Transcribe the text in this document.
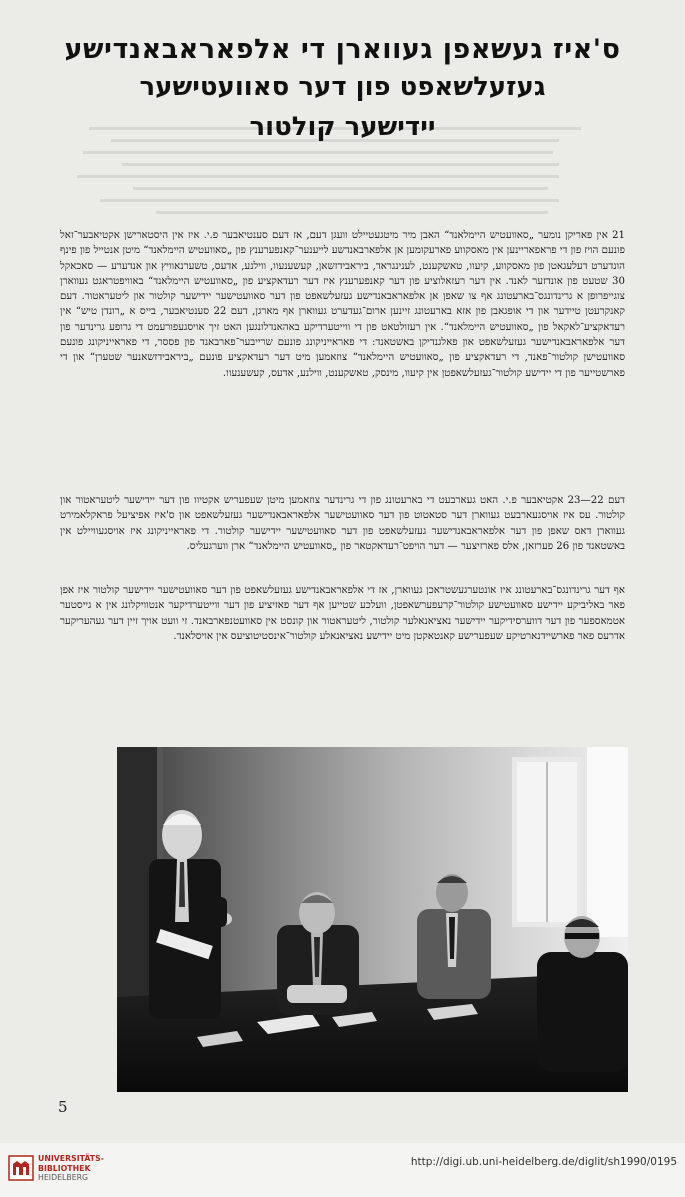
ס'איז געשאפן געווארן די אלפאראבאנדישע
געזעלשאפט פון דער סאוועטישער
יידישער קולטור

21 אין פאריקן נומער „סאוועטיש היימלאנד“ האבן מיר מיטגעטיילט וועגן דעם, אז דעם סענטיאבער פ.י. איז אין היסטארישן אקטיאבער־זאל פונעם הויז פון די פראפאריינען אין מאסקווע פארעקומען אן אלפארבאנדשע לייענער־קאנפערענץ פון „סאוועטיש היימלאנד“ מיטן אנטייל פון פינף הונדערט דעלעגאטן פון מאסקווע, קיעוו, טאשקענט, לענינגראד, ביראבידזשאן, קעשענעוו, ווילנע, אדעס, טשערנאוויץ און אנדערע — סאכאקל 30 שטעט פון אונדזער לאנד. אין דער רעזאלוציע פון דער קאנפערענץ איז דער רעדאקציע פון „סאוועטיש היימלאנד“ באוויפטראגט געווארן צוגייפרופן א גרינדונגס־בארעטונג אף צו שאפן אן אלפאראבאנדישע געזעלשאפט פון דער סאוועטישער יידישער קולטור און ליטעראטור. דעם קאנקרעטן טיידער און די אופגאבן פון אזא בארעטונג זיינען ארום־געדערט געווארן אף מארגן, דעם 22 סענטיאבער, בייס א „רונדן טיש“ אין רעדאקציע־לאקאל פון „סאוועטיש היימלאנד“. אין רעזולטאט פון די ווייטערדיקע באהאנדלונגען האט זיך אויסגעפורעמט די גרופע גרינדער פון דער אלפאראבאנדישער געזעלשאפט און פאלגנדיקן באשטאנד: די פאראייניקונג פונעם שרייבער־פארבאנד פון פססר, די פאראייניקונג פונעם סאוועטישן קולטור־פאנד, די רעדאקציע פון „סאוועטיש היימלאנד“ צוזאמען מיט דער רעדאקציע פונעם „ביראבידזשאנער שטערן“ און די פארשטייער פון די יידישע קולטור־געזעלשאפטן אין קיעוו, מינסק, טאשקענט, ווילנע, אדעס, קעשענעוו.

דעם 22—23 אקטיאבער פ.י. האט געארבעט די בארעטונג פון די גרינדער צוזאמען מיטן שעפעריש אקטיוו פון דער יידישער ליטעראטור און קולטור. עס איז אויסגעארבעט געווארן דער סטאטוט פון דער סאוועטישער אלפאראבאנדישער געזעלשאפט און ס'איז אפיציעל פראקלאמירט געווארן דאס שאפן פון דער אלפאראבאנדישער געזעלשאפט פון דער סאוועטישער יידישער קולטור. די פאראייניקונג איז אויסגעוויילט אין באשטאנד פון 26 פערזאן, אלס פארזיצער — דער הויפט־רעדאקטאר פון „סאוועטיש היימלאנד“ ארן ווערגעליס.

אף דער גרינדונגס־בארעטונג איז אונטערגעשטראכן געווארן, אז די אלפאראבאנדישע געזעלשאפט פון דער סאוועטישער יידישער קולטור איז אפן פאר באליביקע יידישע סאוועטישע קולטור־קרעפערשאפטן, וועלכע שטייען אף דער פאזיציע פון דער ווייטערדיקער אנטוויקלונג אין א גייסטער אטמאספער פון דער דווערסידיקער יידישער נאציאנאלער קולטור, ליטעראטור און קונסט אין סאוועטנפארבאנד. זי וועט אויך זיין דער געהעריקער אדרעס פאר פארשיידנארטיקע שעפערישע קאנטאקטן מיט יידישע נאציאנאלע קולטור־אינסטיטוציעס אין אויסלאנד.

5
UNIVERSITÄTS-
BIBLIOTHEK
HEIDELBERG
http://digi.ub.uni-heidelberg.de/diglit/sh1990/0195
